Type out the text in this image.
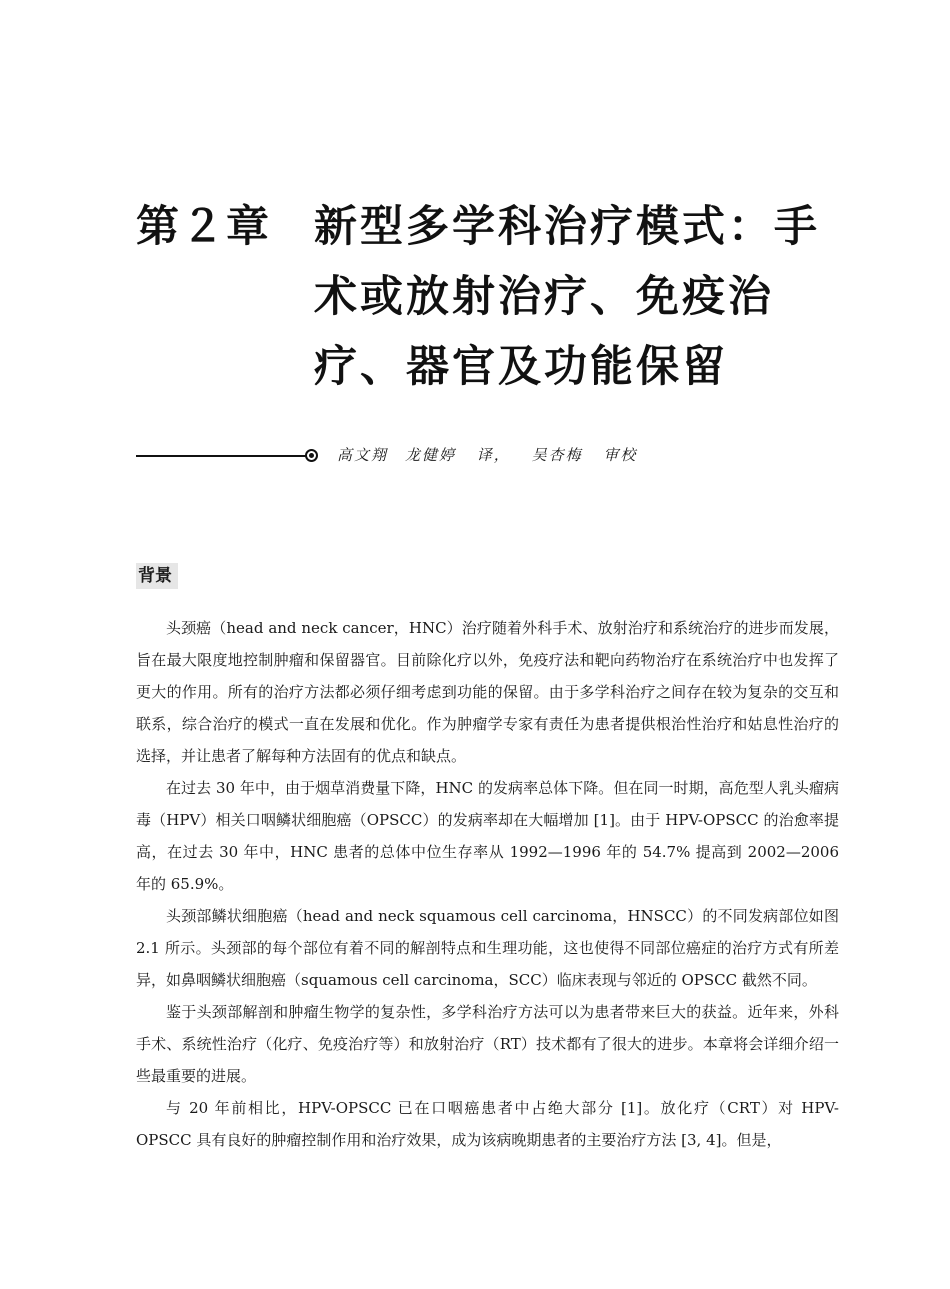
第２章 新型多学科治疗模式：手术或放射治疗、免疫治疗、器官及功能保留
高文翔　龙健婷 译， 吴杏梅 审校
背景

头颈癌（head and neck cancer，HNC）治疗随着外科手术、放射治疗和系统治疗的进步而发展，旨在最大限度地控制肿瘤和保留器官。目前除化疗以外，免疫疗法和靶向药物治疗在系统治疗中也发挥了更大的作用。所有的治疗方法都必须仔细考虑到功能的保留。由于多学科治疗之间存在较为复杂的交互和联系，综合治疗的模式一直在发展和优化。作为肿瘤学专家有责任为患者提供根治性治疗和姑息性治疗的选择，并让患者了解每种方法固有的优点和缺点。

在过去 30 年中，由于烟草消费量下降，HNC 的发病率总体下降。但在同一时期，高危型人乳头瘤病毒（HPV）相关口咽鳞状细胞癌（OPSCC）的发病率却在大幅增加 [1]。由于 HPV-OPSCC 的治愈率提高，在过去 30 年中，HNC 患者的总体中位生存率从 1992—1996 年的 54.7% 提高到 2002—2006 年的 65.9%。

头颈部鳞状细胞癌（head and neck squamous cell carcinoma，HNSCC）的不同发病部位如图 2.1 所示。头颈部的每个部位有着不同的解剖特点和生理功能，这也使得不同部位癌症的治疗方式有所差异，如鼻咽鳞状细胞癌（squamous cell carcinoma，SCC）临床表现与邻近的 OPSCC 截然不同。

鉴于头颈部解剖和肿瘤生物学的复杂性，多学科治疗方法可以为患者带来巨大的获益。近年来，外科手术、系统性治疗（化疗、免疫治疗等）和放射治疗（RT）技术都有了很大的进步。本章将会详细介绍一些最重要的进展。

与 20 年前相比，HPV-OPSCC 已在口咽癌患者中占绝大部分 [1]。放化疗（CRT）对 HPV-OPSCC 具有良好的肿瘤控制作用和治疗效果，成为该病晚期患者的主要治疗方法 [3, 4]。但是，
